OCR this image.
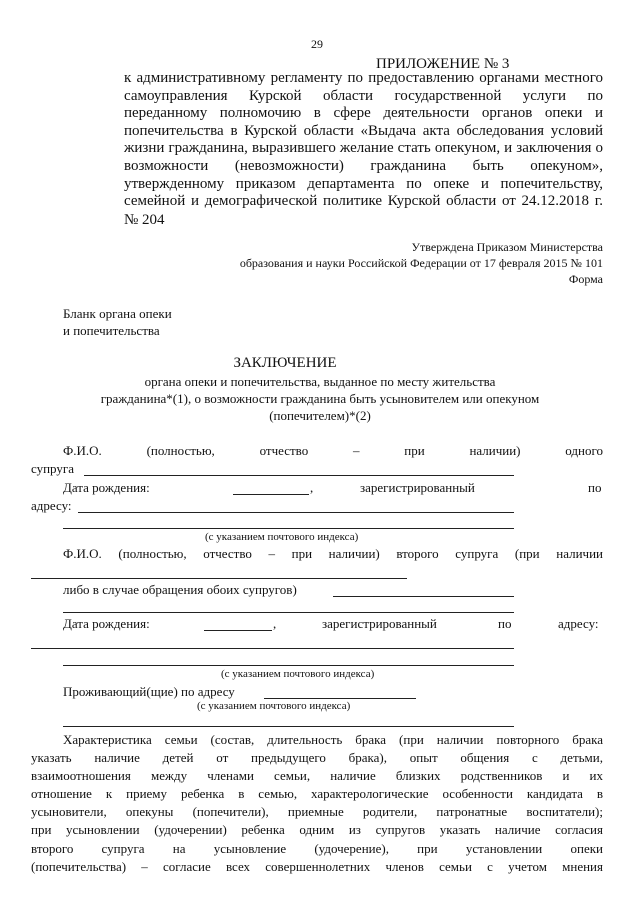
29
ПРИЛОЖЕНИЕ № 3
к административному регламенту по предоставлению органами местного
самоуправления Курской области государственной услуги по
переданному полномочию в сфере деятельности органов опеки и
попечительства в Курской области «Выдача акта обследования условий
жизни гражданина, выразившего желание стать опекуном, и заключения о
возможности (невозможности) гражданина быть опекуном»,
утвержденному приказом департамента по опеке и попечительству,
семейной и демографической политике Курской области от 24.12.2018 г.
№ 204
Утверждена Приказом Министерства
образования и науки Российской Федерации от 17 февраля 2015 № 101
Форма
Бланк органа опеки
и попечительства
ЗАКЛЮЧЕНИЕ
органа опеки и попечительства, выданное по месту жительства
гражданина*(1), о возможности гражданина быть усыновителем или опекуном
(попечителем)*(2)
Ф.И.О. (полностью, отчество – при наличии) одного
супруга
Дата рождения:	,	зарегистрированный	по
адресу:
(с указанием почтового индекса)
Ф.И.О. (полностью, отчество – при наличии) второго супруга (при наличии
либо в случае обращения обоих супругов)
Дата рождения:	,	зарегистрированный	по	адресу:
(с указанием почтового индекса)
Проживающий(щие) по адресу
(с указанием почтового индекса)
Характеристика семьи (состав, длительность брака (при наличии повторного брака
указать наличие детей от предыдущего брака), опыт общения с детьми,
взаимоотношения между членами семьи, наличие близких родственников и их
отношение к приему ребенка в семью, характерологические особенности кандидата в
усыновители, опекуны (попечители), приемные родители, патронатные воспитатели);
при усыновлении (удочерении) ребенка одним из супругов указать наличие согласия
второго супруга на усыновление (удочерение), при установлении опеки
(попечительства) – согласие всех совершеннолетних членов семьи с учетом мнения
